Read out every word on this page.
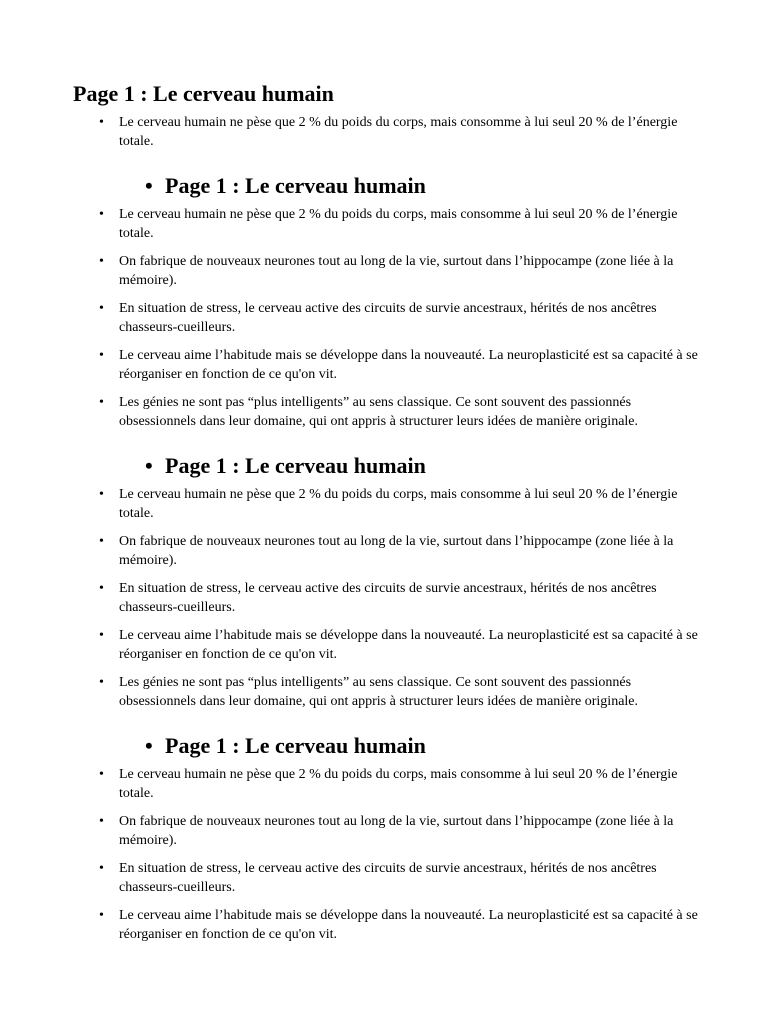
Page 1 : Le cerveau humain
• Le cerveau humain ne pèse que 2 % du poids du corps, mais consomme à lui seul 20 % de l’énergie totale.
• Page 1 : Le cerveau humain
• Le cerveau humain ne pèse que 2 % du poids du corps, mais consomme à lui seul 20 % de l’énergie totale.
• On fabrique de nouveaux neurones tout au long de la vie, surtout dans l’hippocampe (zone liée à la mémoire).
• En situation de stress, le cerveau active des circuits de survie ancestraux, hérités de nos ancêtres chasseurs-cueilleurs.
• Le cerveau aime l’habitude mais se développe dans la nouveauté. La neuroplasticité est sa capacité à se réorganiser en fonction de ce qu'on vit.
• Les génies ne sont pas “plus intelligents” au sens classique. Ce sont souvent des passionnés obsessionnels dans leur domaine, qui ont appris à structurer leurs idées de manière originale.
• Page 1 : Le cerveau humain
• Le cerveau humain ne pèse que 2 % du poids du corps, mais consomme à lui seul 20 % de l’énergie totale.
• On fabrique de nouveaux neurones tout au long de la vie, surtout dans l’hippocampe (zone liée à la mémoire).
• En situation de stress, le cerveau active des circuits de survie ancestraux, hérités de nos ancêtres chasseurs-cueilleurs.
• Le cerveau aime l’habitude mais se développe dans la nouveauté. La neuroplasticité est sa capacité à se réorganiser en fonction de ce qu'on vit.
• Les génies ne sont pas “plus intelligents” au sens classique. Ce sont souvent des passionnés obsessionnels dans leur domaine, qui ont appris à structurer leurs idées de manière originale.
• Page 1 : Le cerveau humain
• Le cerveau humain ne pèse que 2 % du poids du corps, mais consomme à lui seul 20 % de l’énergie totale.
• On fabrique de nouveaux neurones tout au long de la vie, surtout dans l’hippocampe (zone liée à la mémoire).
• En situation de stress, le cerveau active des circuits de survie ancestraux, hérités de nos ancêtres chasseurs-cueilleurs.
• Le cerveau aime l’habitude mais se développe dans la nouveauté. La neuroplasticité est sa capacité à se réorganiser en fonction de ce qu'on vit.
